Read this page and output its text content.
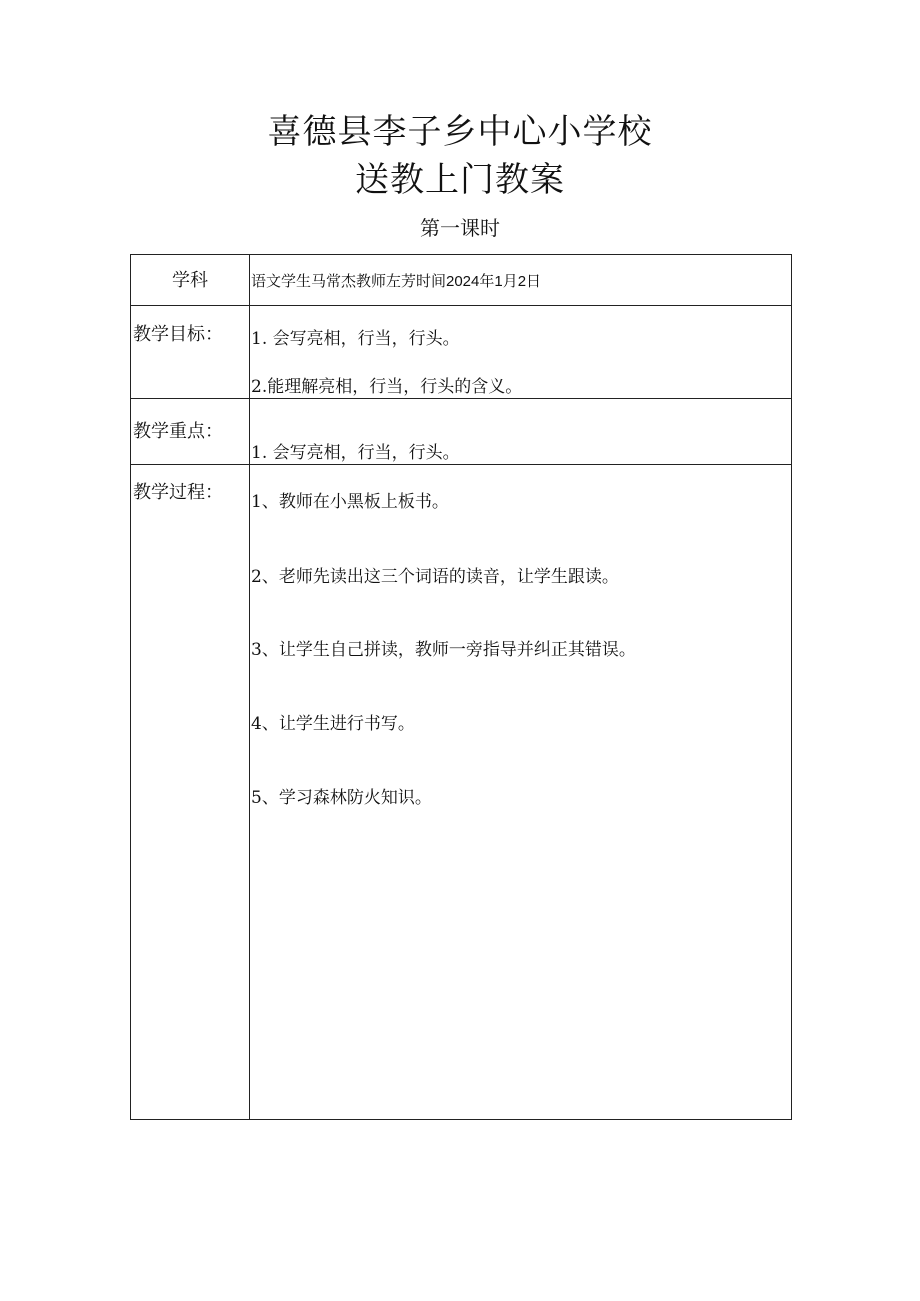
喜德县李子乡中心小学校
送教上门教案
第一课时
学科	语文学生马常杰教师左芳时间2024年1月2日
教学目标： 1. 会写亮相，行当，行头。
2.能理解亮相，行当，行头的含义。
教学重点：
1. 会写亮相，行当，行头。
教学过程： 1、教师在小黑板上板书。
2、老师先读出这三个词语的读音，让学生跟读。
3、让学生自己拼读，教师一旁指导并纠正其错误。
4、让学生进行书写。
5、学习森林防火知识。
